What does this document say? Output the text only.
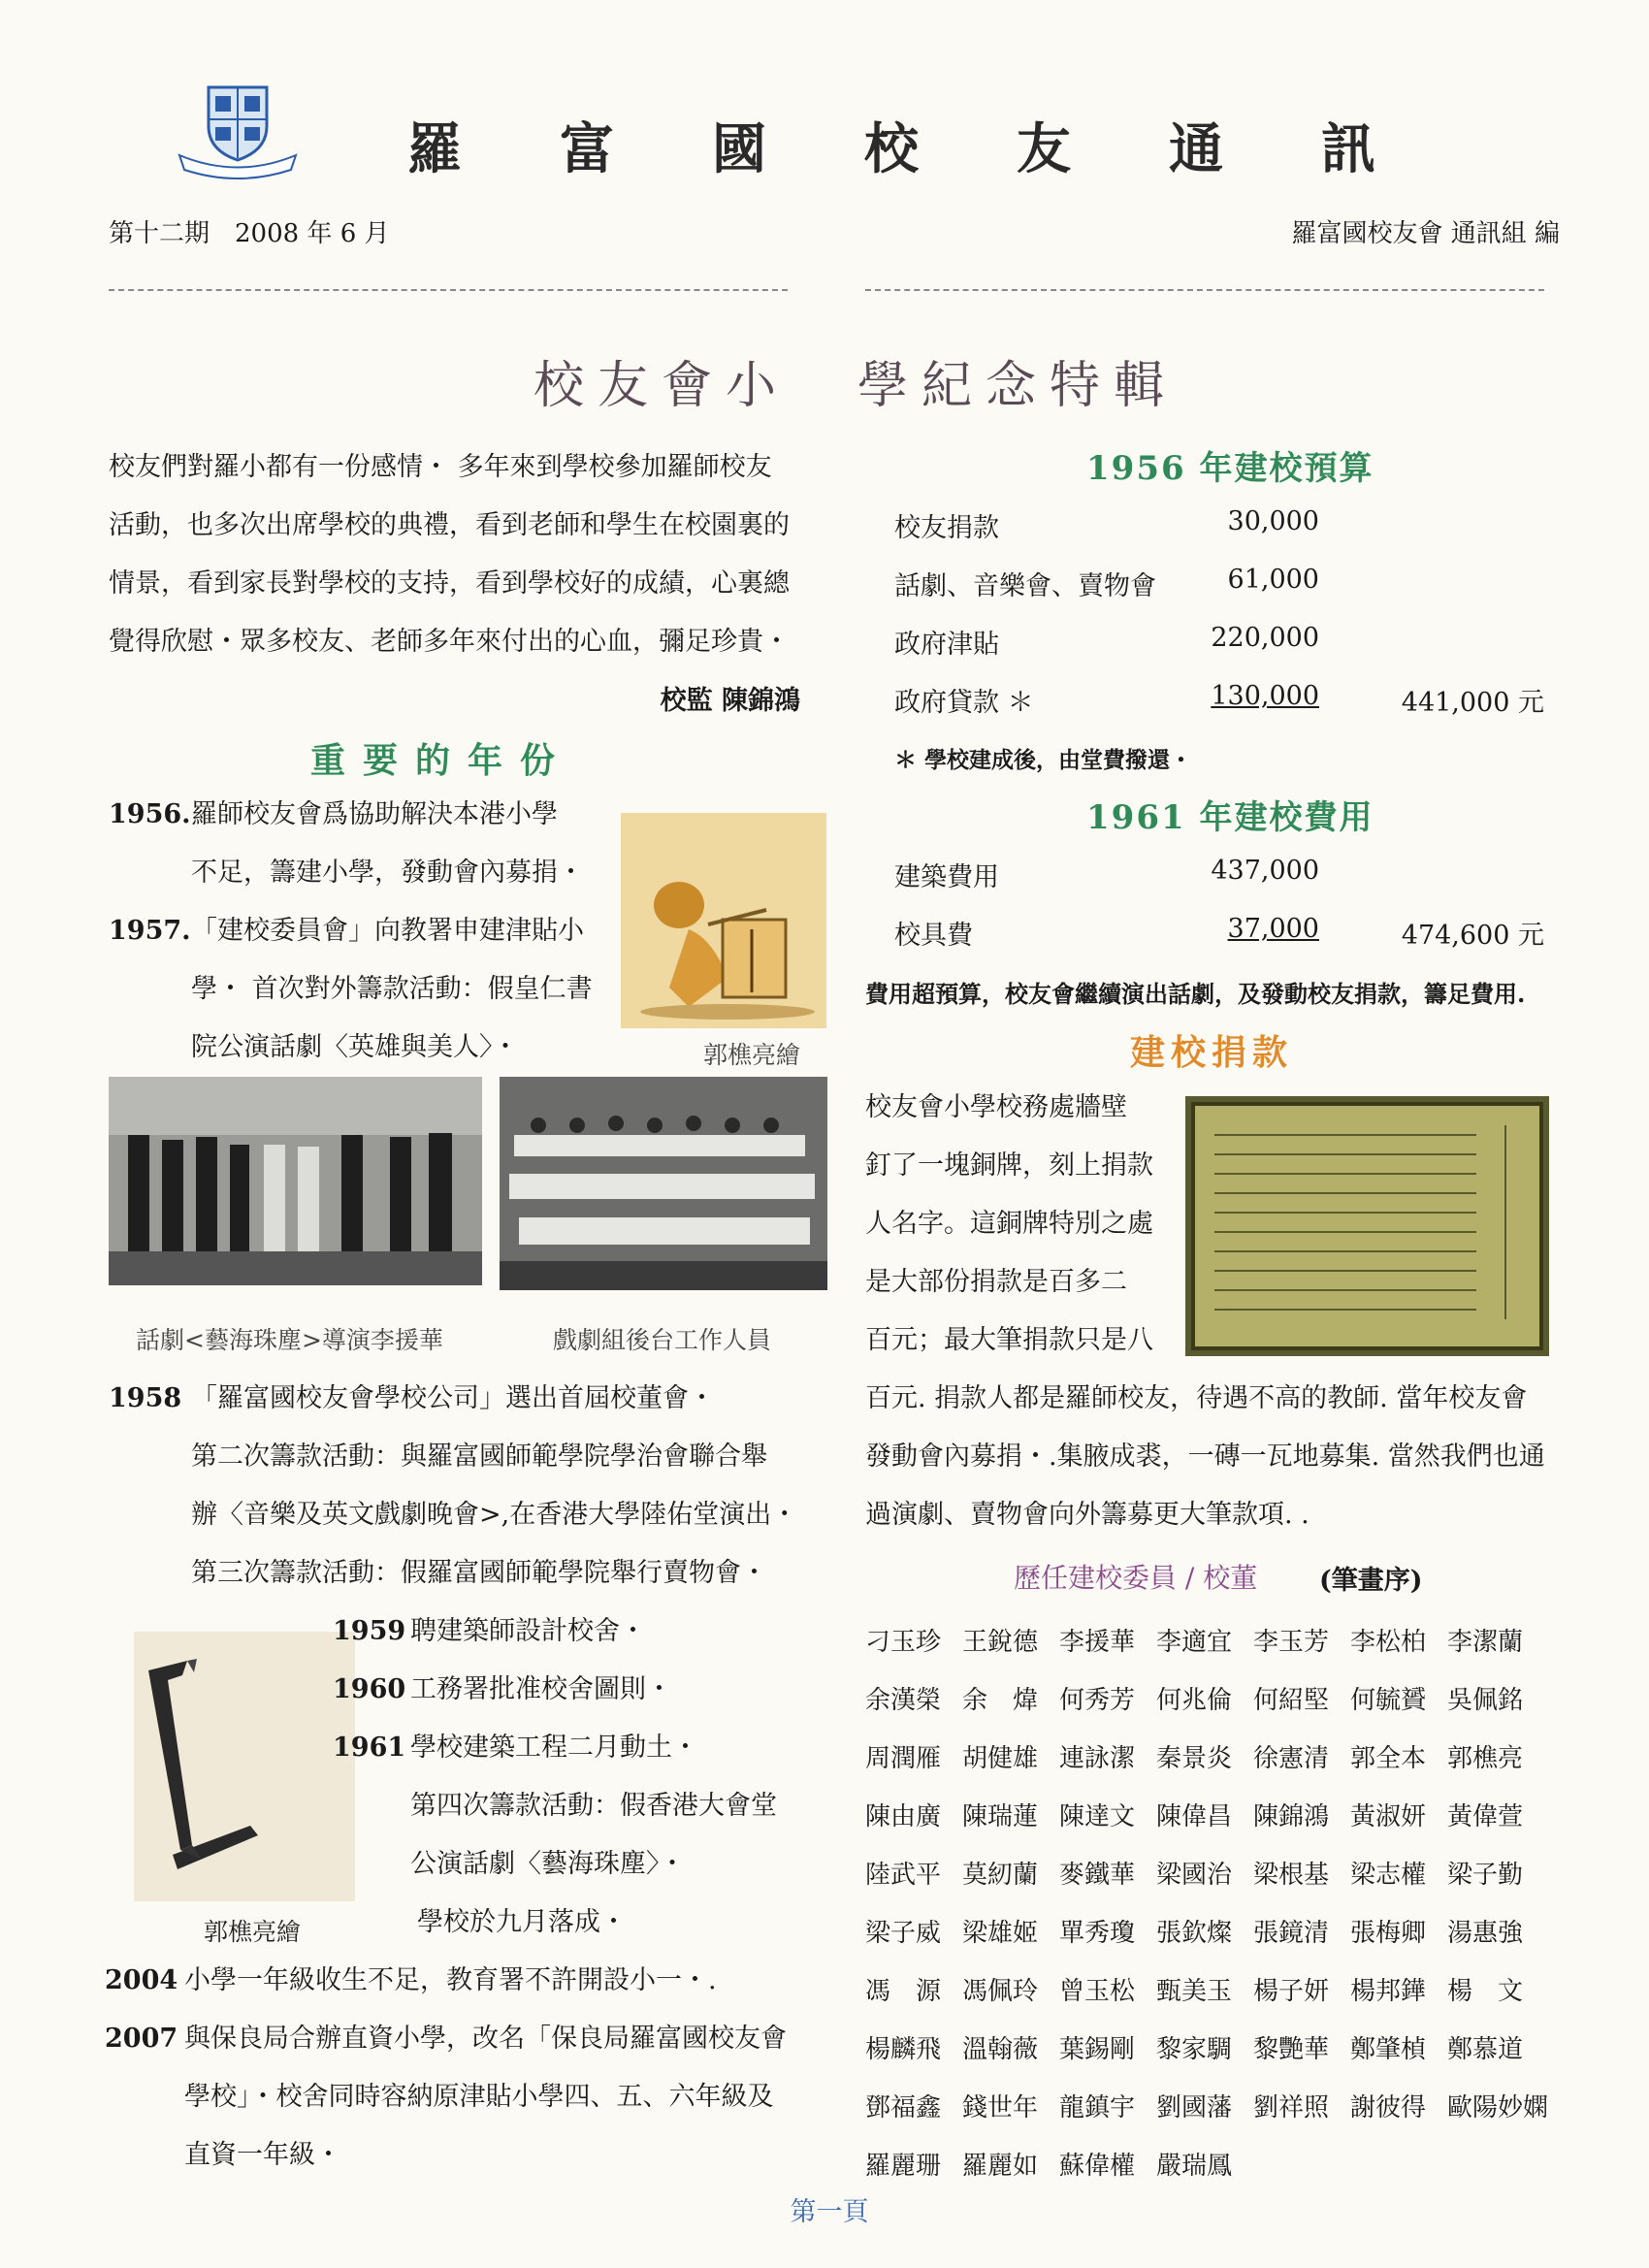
羅 富 國 校 友 通 訊
第十二期　2008 年 6 月	羅富國校友會 通訊組 編
校友會小 學紀念特輯

校友們對羅小都有一份感情・ 多年來到學校參加羅師校友

活動，也多次出席學校的典禮，看到老師和學生在校園裏的

情景，看到家長對學校的支持，看到學校好的成績，心裏總

覺得欣慰・眾多校友、老師多年來付出的心血，彌足珍貴・

校監 陳錦鴻
重要的年份
1956.羅師校友會爲協助解決本港小學
不足，籌建小學，發動會內募捐・
1957.「建校委員會」向教署申建津貼小
學・ 首次對外籌款活動：假皇仁書
院公演話劇〈英雄與美人〉・	郭樵亮繪
話劇<藝海珠塵>導演李援華	戲劇組後台工作人員
1958 「羅富國校友會學校公司」選出首屆校董會・
第二次籌款活動：與羅富國師範學院學治會聯合舉
辦〈音樂及英文戲劇晚會>,在香港大學陸佑堂演出・
第三次籌款活動：假羅富國師範學院舉行賣物會・
郭樵亮繪
1959 聘建築師設計校舍・
1960 工務署批准校舍圖則・
1961 學校建築工程二月動土・
第四次籌款活動：假香港大會堂
公演話劇〈藝海珠塵〉・
學校於九月落成・
2004 小學一年級收生不足，教育署不許開設小一・.
2007 與保良局合辦直資小學，改名「保良局羅富國校友會
學校」・校舍同時容納原津貼小學四、五、六年級及
直資一年級・
1956 年建校預算
校友捐款	30,000
話劇、音樂會、賣物會	61,000
政府津貼	220,000
政府貸款 ＊	130,000	441,000 元
＊ 學校建成後，由堂費撥還・
1961 年建校費用
建築費用	437,000
校具費	37,000	474,600 元
費用超預算，校友會繼續演出話劇，及發動校友捐款，籌足費用.
建校捐款
校友會小學校務處牆壁
釘了一塊銅牌，刻上捐款
人名字。這銅牌特別之處
是大部份捐款是百多二
百元；最大筆捐款只是八
百元. 捐款人都是羅師校友，待遇不高的教師. 當年校友會
發動會內募捐・.集腋成裘，一磚一瓦地募集. 當然我們也通
過演劇、賣物會向外籌募更大筆款項. .
歷任建校委員 / 校董 (筆畫序)
刁玉珍 王銳德 李援華 李適宜 李玉芳 李松柏 李潔蘭
余漢榮 余　煒 何秀芳 何兆倫 何紹堅 何毓贇 吳佩銘
周潤雁 胡健雄 連詠潔 秦景炎 徐憲清 郭全本 郭樵亮
陳由廣 陳瑞蓮 陳達文 陳偉昌 陳錦鴻 黃淑妍 黃偉萱
陸武平 莫紉蘭 麥鐵華 梁國治 梁根基 梁志權 梁子勤
梁子威 梁雄姬 單秀瓊 張欽燦 張鏡清 張梅卿 湯惠強
馮　源 馮佩玲 曾玉松 甄美玉 楊子妍 楊邦鏵 楊　文
楊麟飛 溫翰薇 葉錫剛 黎家騆 黎艷華 鄭肇楨 鄭慕道
鄧福鑫 錢世年 龍鎮宇 劉國藩 劉祥照 謝彼得 歐陽妙嫻
羅麗珊 羅麗如 蘇偉權 嚴瑞鳳
第一頁
